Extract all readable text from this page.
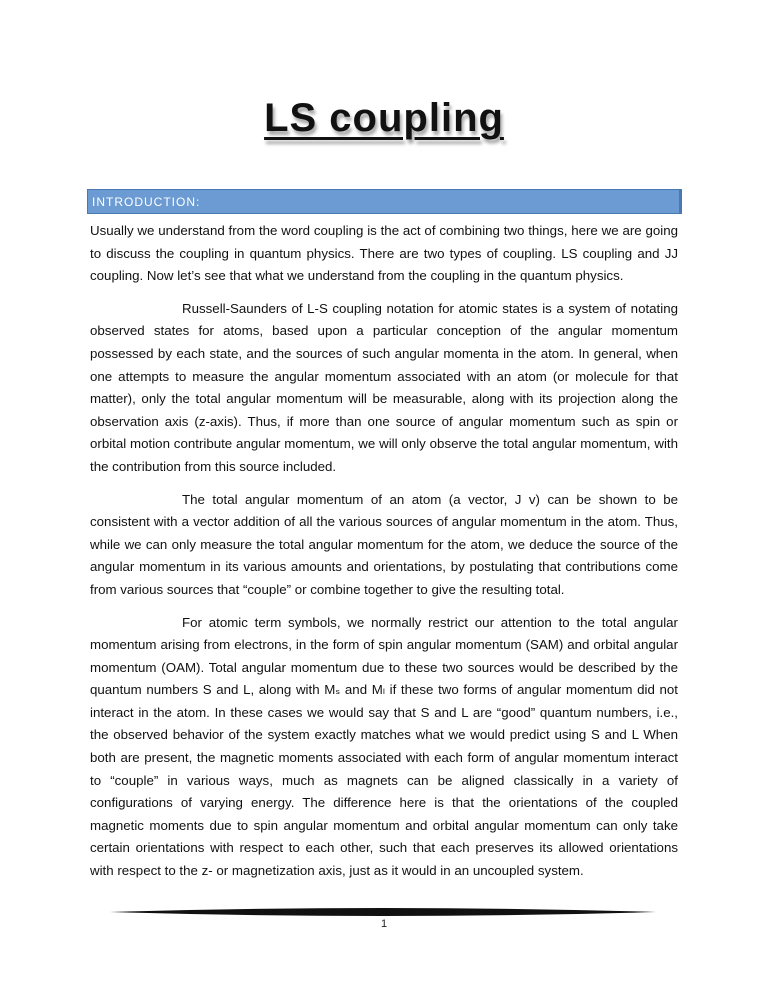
LS coupling
INTRODUCTION:

Usually we understand from the word coupling is the act of combining two things, here we are going to discuss the coupling in quantum physics. There are two types of coupling. LS coupling and JJ coupling. Now let’s see that what we understand from the coupling in the quantum physics.

Russell-Saunders of L-S coupling notation for atomic states is a system of notating observed states for atoms, based upon a particular conception of the angular momentum possessed by each state, and the sources of such angular momenta in the atom. In general, when one attempts to measure the angular momentum associated with an atom (or molecule for that matter), only the total angular momentum will be measurable, along with its projection along the observation axis (z-axis). Thus, if more than one source of angular momentum such as spin or orbital motion contribute angular momentum, we will only observe the total angular momentum, with the contribution from this source included.

The total angular momentum of an atom (a vector, J v) can be shown to be consistent with a vector addition of all the various sources of angular momentum in the atom. Thus, while we can only measure the total angular momentum for the atom, we deduce the source of the angular momentum in its various amounts and orientations, by postulating that contributions come from various sources that “couple” or combine together to give the resulting total.

For atomic term symbols, we normally restrict our attention to the total angular momentum arising from electrons, in the form of spin angular momentum (SAM) and orbital angular momentum (OAM). Total angular momentum due to these two sources would be described by the quantum numbers S and L, along with Mₛ and Mₗ if these two forms of angular momentum did not interact in the atom. In these cases we would say that S and L are “good” quantum numbers, i.e., the observed behavior of the system exactly matches what we would predict using S and L When both are present, the magnetic moments associated with each form of angular momentum interact to “couple” in various ways, much as magnets can be aligned classically in a variety of configurations of varying energy. The difference here is that the orientations of the coupled magnetic moments due to spin angular momentum and orbital angular momentum can only take certain orientations with respect to each other, such that each preserves its allowed orientations with respect to the z- or magnetization axis, just as it would in an uncoupled system.

1
